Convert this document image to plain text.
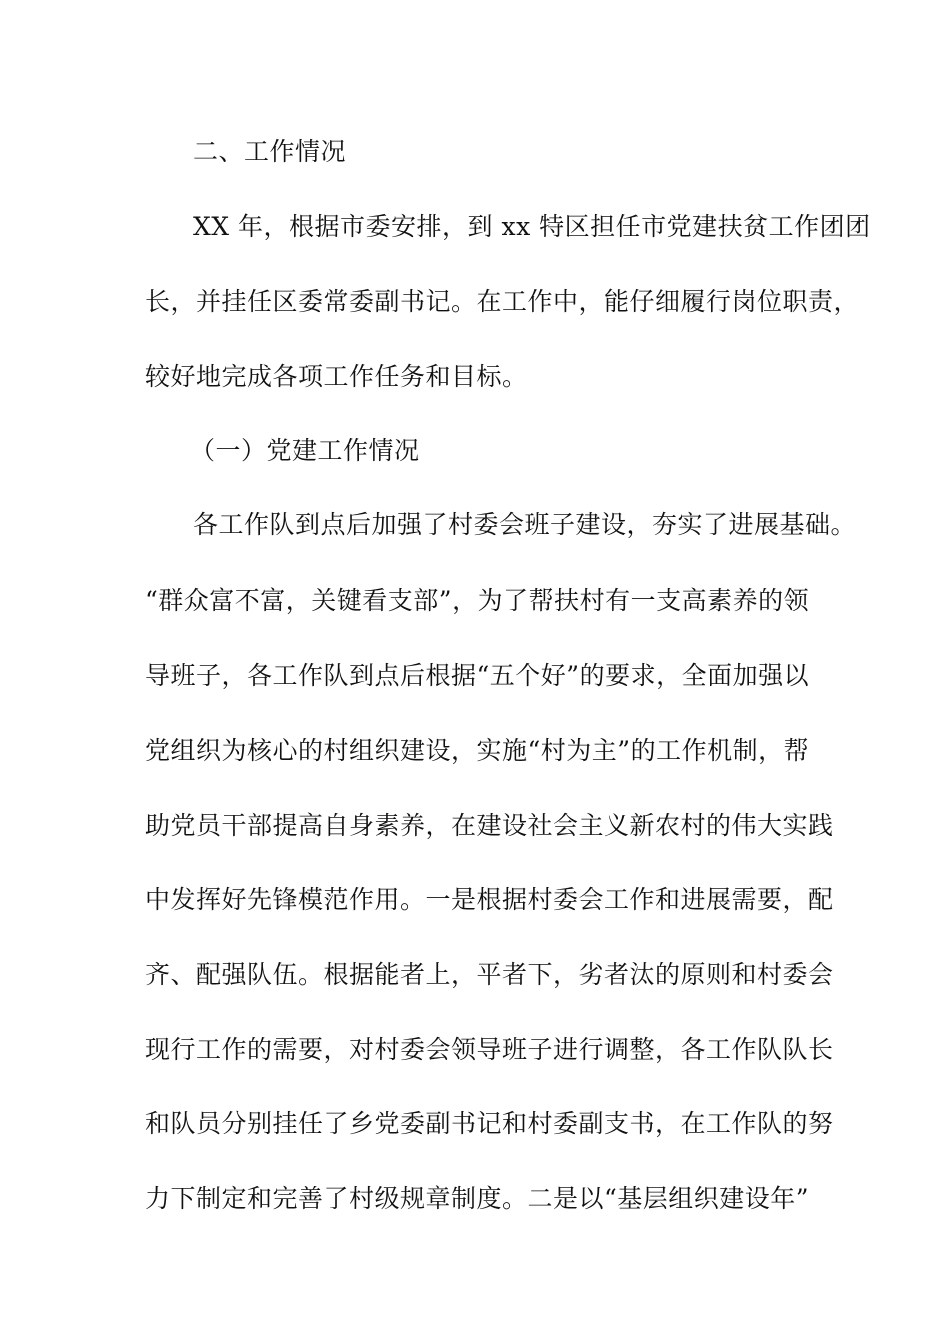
二、工作情况
XX 年，根据市委安排，到 xx 特区担任市党建扶贫工作团团
长，并挂任区委常委副书记。在工作中，能仔细履行岗位职责，
较好地完成各项工作任务和目标。
（一）党建工作情况
各工作队到点后加强了村委会班子建设，夯实了进展基础。
“群众富不富，关键看支部”，为了帮扶村有一支高素养的领
导班子，各工作队到点后根据“五个好”的要求，全面加强以
党组织为核心的村组织建设，实施“村为主”的工作机制，帮
助党员干部提高自身素养，在建设社会主义新农村的伟大实践
中发挥好先锋模范作用。一是根据村委会工作和进展需要，配
齐、配强队伍。根据能者上，平者下，劣者汰的原则和村委会
现行工作的需要，对村委会领导班子进行调整，各工作队队长
和队员分别挂任了乡党委副书记和村委副支书，在工作队的努
力下制定和完善了村级规章制度。二是以“基层组织建设年”
